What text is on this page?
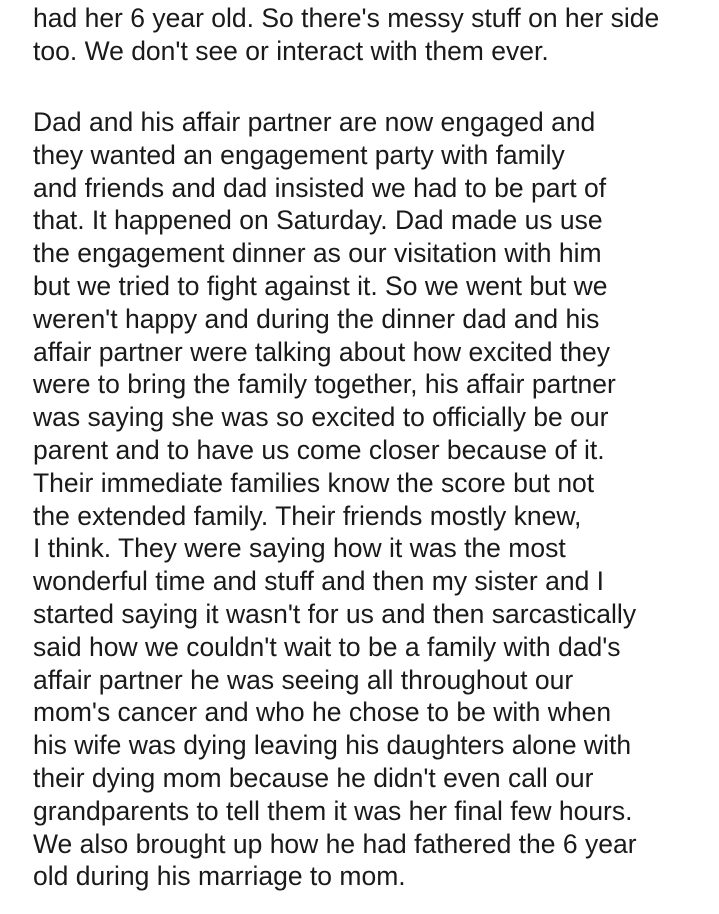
had her 6 year old. So there's messy stuff on her side
too. We don't see or interact with them ever.

Dad and his affair partner are now engaged and
they wanted an engagement party with family
and friends and dad insisted we had to be part of
that. It happened on Saturday. Dad made us use
the engagement dinner as our visitation with him
but we tried to fight against it. So we went but we
weren't happy and during the dinner dad and his
affair partner were talking about how excited they
were to bring the family together, his affair partner
was saying she was so excited to officially be our
parent and to have us come closer because of it.
Their immediate families know the score but not
the extended family. Their friends mostly knew,
I think. They were saying how it was the most
wonderful time and stuff and then my sister and I
started saying it wasn't for us and then sarcastically
said how we couldn't wait to be a family with dad's
affair partner he was seeing all throughout our
mom's cancer and who he chose to be with when
his wife was dying leaving his daughters alone with
their dying mom because he didn't even call our
grandparents to tell them it was her final few hours.
We also brought up how he had fathered the 6 year
old during his marriage to mom.
